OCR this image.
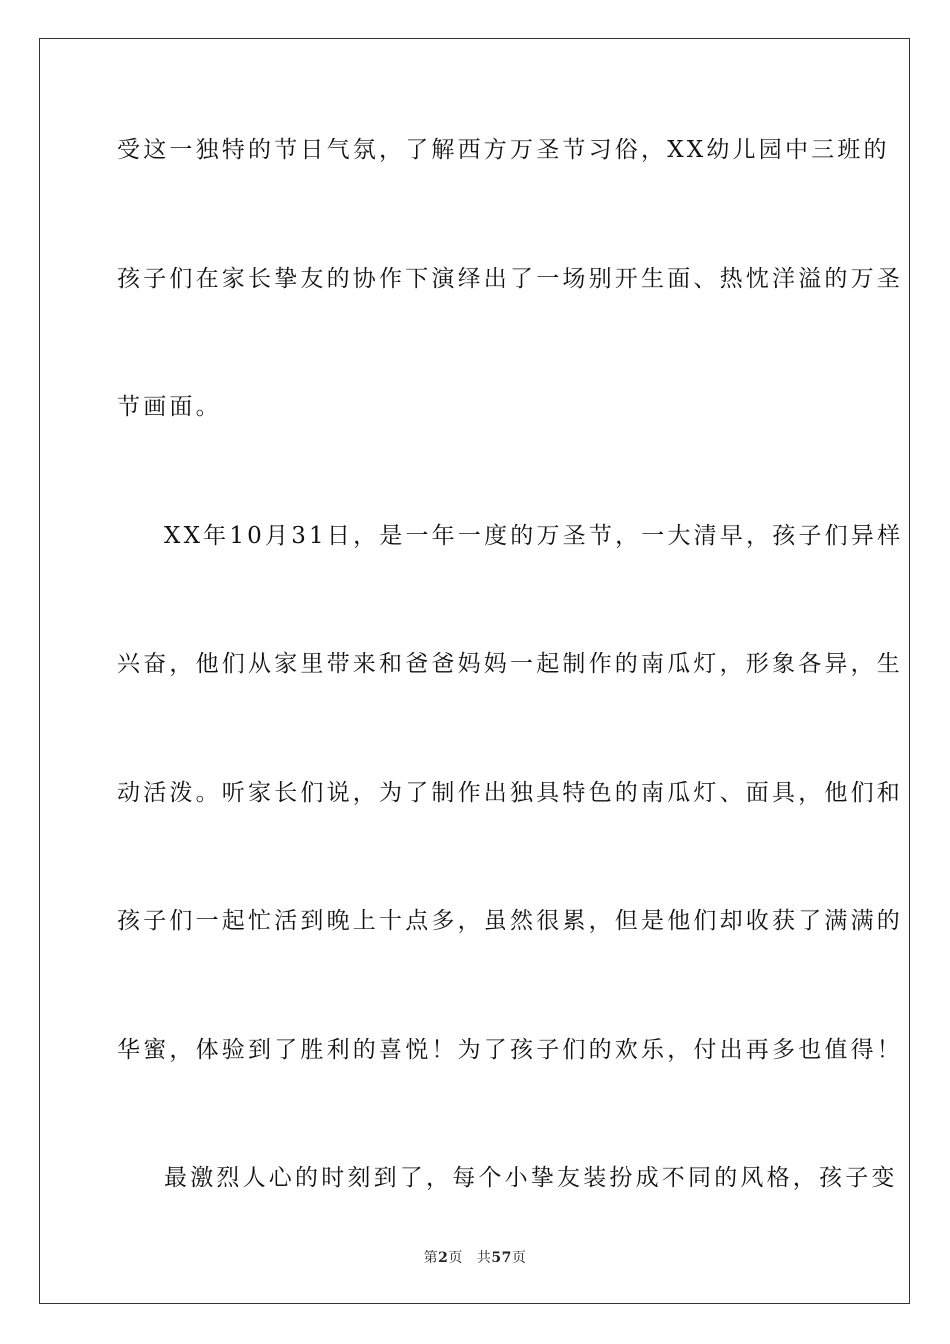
受这一独特的节日气氛，了解西方万圣节习俗，XX幼儿园中三班的
孩子们在家长挚友的协作下演绎出了一场别开生面、热忱洋溢的万圣
节画面。
XX年10月31日，是一年一度的万圣节，一大清早，孩子们异样
兴奋，他们从家里带来和爸爸妈妈一起制作的南瓜灯，形象各异，生
动活泼。听家长们说，为了制作出独具特色的南瓜灯、面具，他们和
孩子们一起忙活到晚上十点多，虽然很累，但是他们却收获了满满的
华蜜，体验到了胜利的喜悦！为了孩子们的欢乐，付出再多也值得！
最激烈人心的时刻到了，每个小挚友装扮成不同的风格，孩子变
第2页 共57页
